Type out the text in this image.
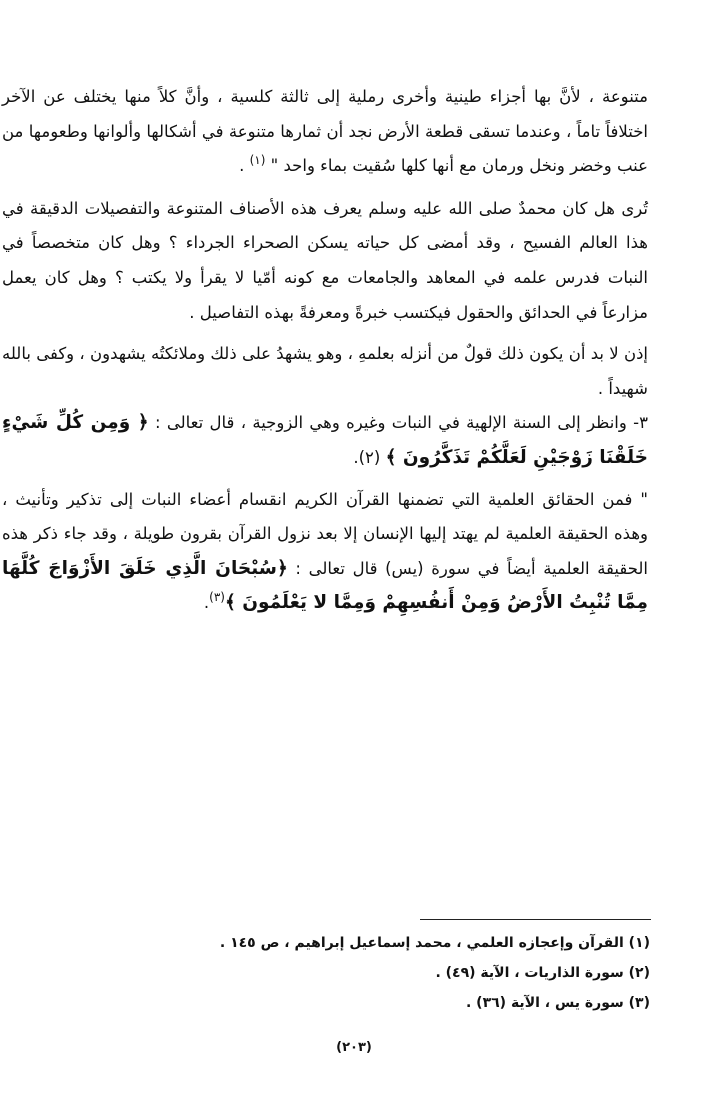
متنوعة ، لأنَّ بها أجزاء طينية وأخرى رملية إلى ثالثة كلسية ، وأنَّ كلاً منها يختلف عن الآخر اختلافاً تاماً ، وعندما تسقى قطعة الأرض نجد أن ثمارها متنوعة في أشكالها وألوانها وطعومها من عنب وخضر ونخل ورمان مع أنها كلها سُقيت بماء واحد " $^{(١)}$ .

تُرى هل كان محمدٌ صلى الله عليه وسلم يعرف هذه الأصناف المتنوعة والتفصيلات الدقيقة في هذا العالم الفسيح ، وقد أمضى كل حياته يسكن الصحراء الجرداء ؟ وهل كان متخصصاً في النبات فدرس علمه في المعاهد والجامعات مع كونه أمّيا لا يقرأ ولا يكتب ؟ وهل كان يعمل مزارعاً في الحدائق والحقول فيكتسب خبرةً ومعرفةً بهذه التفاصيل .

إذن لا بد أن يكون ذلك قولٌ من أنزله بعلمهِ ، وهو يشهدُ على ذلك وملائكتُه يشهدون ، وكفى بالله شهيداً .

٣- وانظر إلى السنة الإلهية في النبات وغيره وهي الزوجية ، قال تعالى : ﴿ وَمِن كُلِّ شَيْءٍ خَلَقْنَا زَوْجَيْنِ لَعَلَّكُمْ تَذَكَّرُونَ ﴾ (٢).

" فمن الحقائق العلمية التي تضمنها القرآن الكريم انقسام أعضاء النبات إلى تذكير وتأنيث ، وهذه الحقيقة العلمية لم يهتد إليها الإنسان إلا بعد نزول القرآن بقرون طويلة ، وقد جاء ذكر هذه الحقيقة العلمية أيضاً في سورة (يس) قال تعالى : ﴿سُبْحَانَ الَّذِي خَلَقَ الأَزْوَاجَ كُلَّهَا مِمَّا تُنْبِتُ الأَرْضُ وَمِنْ أَنفُسِهِمْ وَمِمَّا لا يَعْلَمُونَ ﴾$^{(٣)}$.

(١) القرآن وإعجازه العلمي ، محمد إسماعيل إبراهيم ، ص ١٤٥ .

(٢) سورة الذاريات ، الآية (٤٩) .

(٣) سورة يس ، الآية (٣٦) .

(٢٠٣)
